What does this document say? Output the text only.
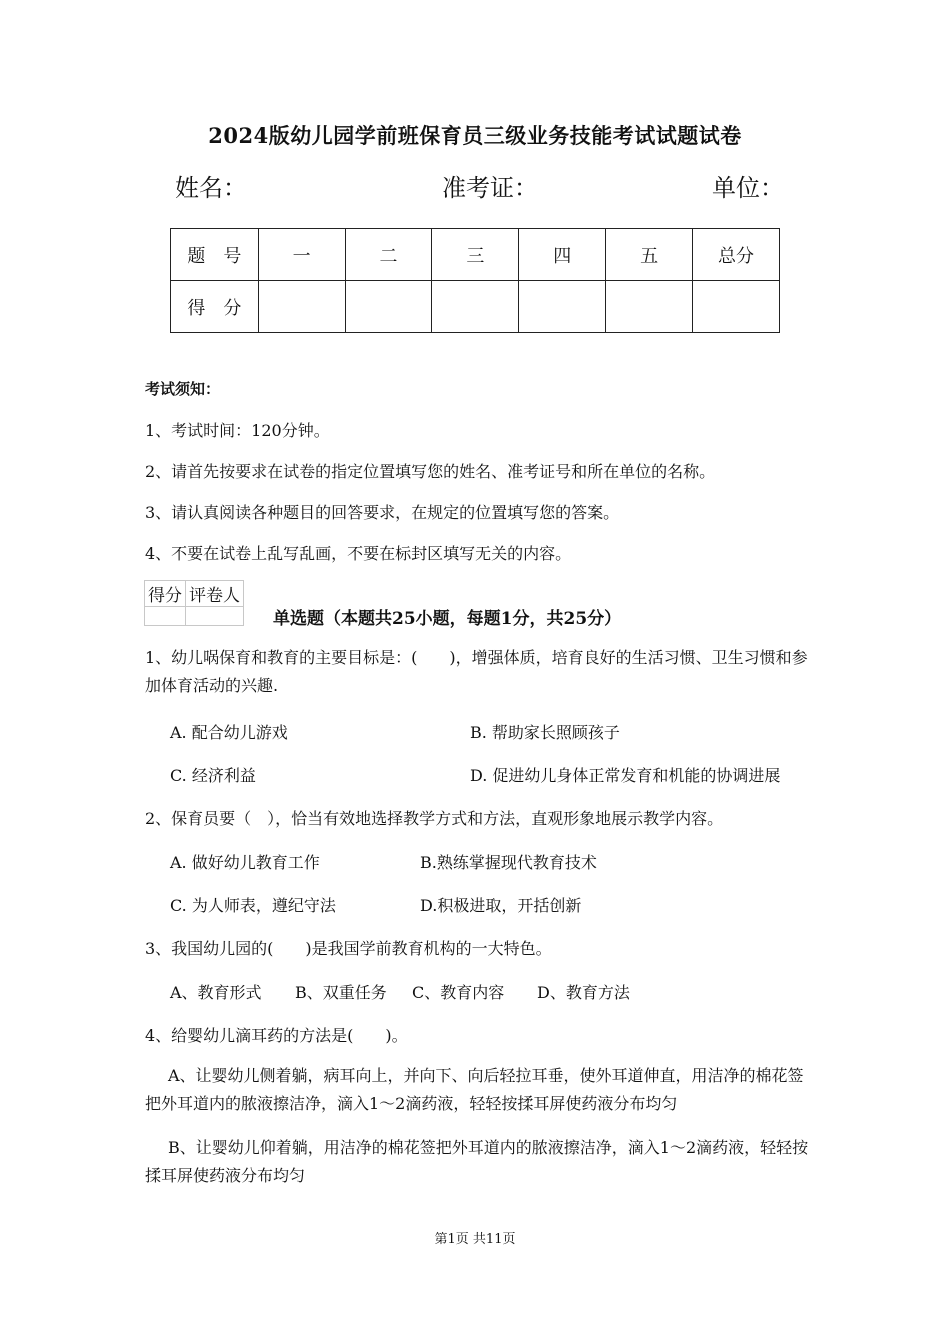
2024版幼儿园学前班保育员三级业务技能考试试题试卷
姓名：	准考证：	单位：
题　号	一	二	三	四	五	总分
得　分						
考试须知：
1、考试时间：120分钟。
2、请首先按要求在试卷的指定位置填写您的姓名、准考证号和所在单位的名称。
3、请认真阅读各种题目的回答要求，在规定的位置填写您的答案。
4、不要在试卷上乱写乱画，不要在标封区填写无关的内容。
得分	评卷人

单选题（本题共25小题，每题1分，共25分）
1、幼儿㖞保育和教育的主要目标是：(　　)，增强体质，培育良好的生活习惯、卫生习惯和参加体育活动的兴趣.
A. 配合幼儿游戏	B. 帮助家长照顾孩子
C. 经济利益	D. 促进幼儿身体正常发育和机能的协调进展
2、保育员要（　），恰当有效地选择教学方式和方法，直观形象地展示教学内容。
A. 做好幼儿教育工作	B.熟练掌握现代教育技术
C. 为人师表，遵纪守法	D.积极进取，开括创新
3、我国幼儿园的(　　)是我国学前教育机构的一大特色。
A、教育形式 B、双重任务 C、教育内容 D、教育方法
4、给婴幼儿滴耳药的方法是(　　)。
A、让婴幼儿侧着躺，病耳向上，并向下、向后轻拉耳垂，使外耳道伸直，用洁净的棉花签把外耳道内的脓液擦洁净，滴入1～2滴药液，轻轻按揉耳屏使药液分布均匀
B、让婴幼儿仰着躺，用洁净的棉花签把外耳道内的脓液擦洁净，滴入1～2滴药液，轻轻按揉耳屏使药液分布均匀
第1页 共11页
